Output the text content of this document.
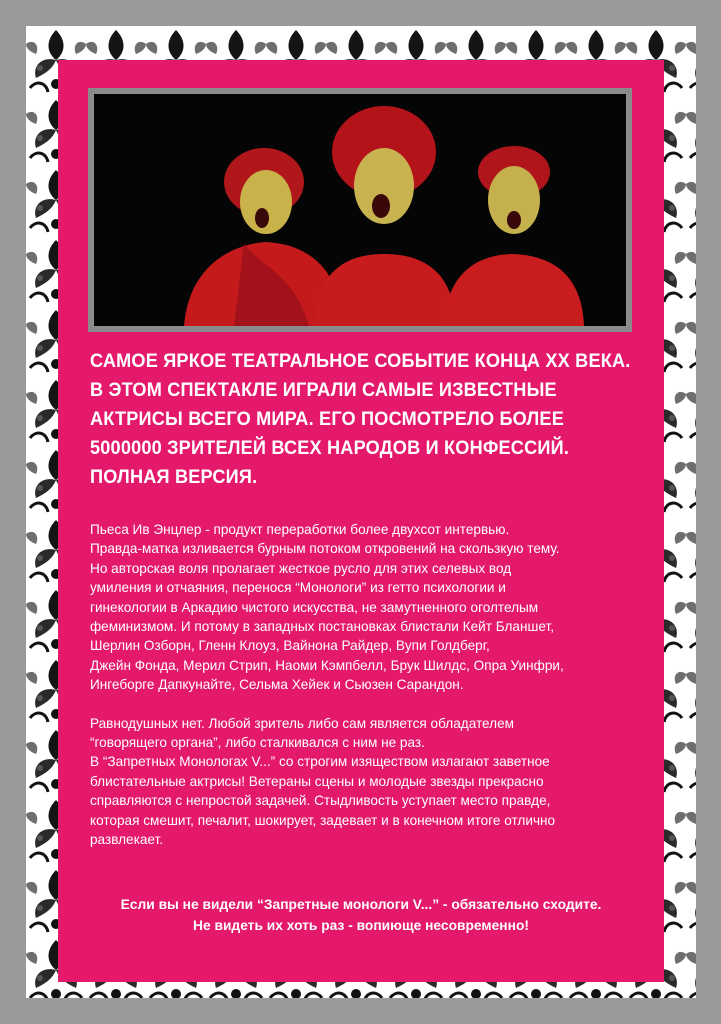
САМОЕ ЯРКОЕ ТЕАТРАЛЬНОЕ СОБЫТИЕ КОНЦА XX ВЕКА.
В ЭТОМ СПЕКТАКЛЕ ИГРАЛИ САМЫЕ ИЗВЕСТНЫЕ
АКТРИСЫ ВСЕГО МИРА. ЕГО ПОСМОТРЕЛО БОЛЕЕ
5000000 ЗРИТЕЛЕЙ ВСЕХ НАРОДОВ И КОНФЕССИЙ.
ПОЛНАЯ ВЕРСИЯ.
Пьеса Ив Энцлер - продукт переработки более двухсот интервью.
Правда-матка изливается бурным потоком откровений на скользкую тему.
Но авторская воля пролагает жесткое русло для этих селевых вод
умиления и отчаяния, перенося “Монологи” из гетто психологии и
гинекологии в Аркадию чистого искусства, не замутненного оголтелым
феминизмом. И потому в западных постановках блистали Кейт Бланшет,
Шерлин Озборн, Гленн Клоуз, Вайнона Райдер, Вупи Голдберг,
Джейн Фонда, Мерил Стрип, Наоми Кэмпбелл, Брук Шилдс, Опра Уинфри,
Ингеборге Дапкунайте, Сельма Хейек и Сьюзен Сарандон.
Равнодушных нет. Любой зритель либо сам является обладателем
“говорящего органа”, либо сталкивался с ним не раз.
В “Запретных Монологах V...” со строгим изяществом излагают заветное
блистательные актрисы! Ветераны сцены и молодые звезды прекрасно
справляются с непростой задачей. Стыдливость уступает место правде,
которая смешит, печалит, шокирует, задевает и в конечном итоге отлично
развлекает.
Если вы не видели “Запретные монологи V...” - обязательно сходите.
Не видеть их хоть раз - вопиюще несовременно!
